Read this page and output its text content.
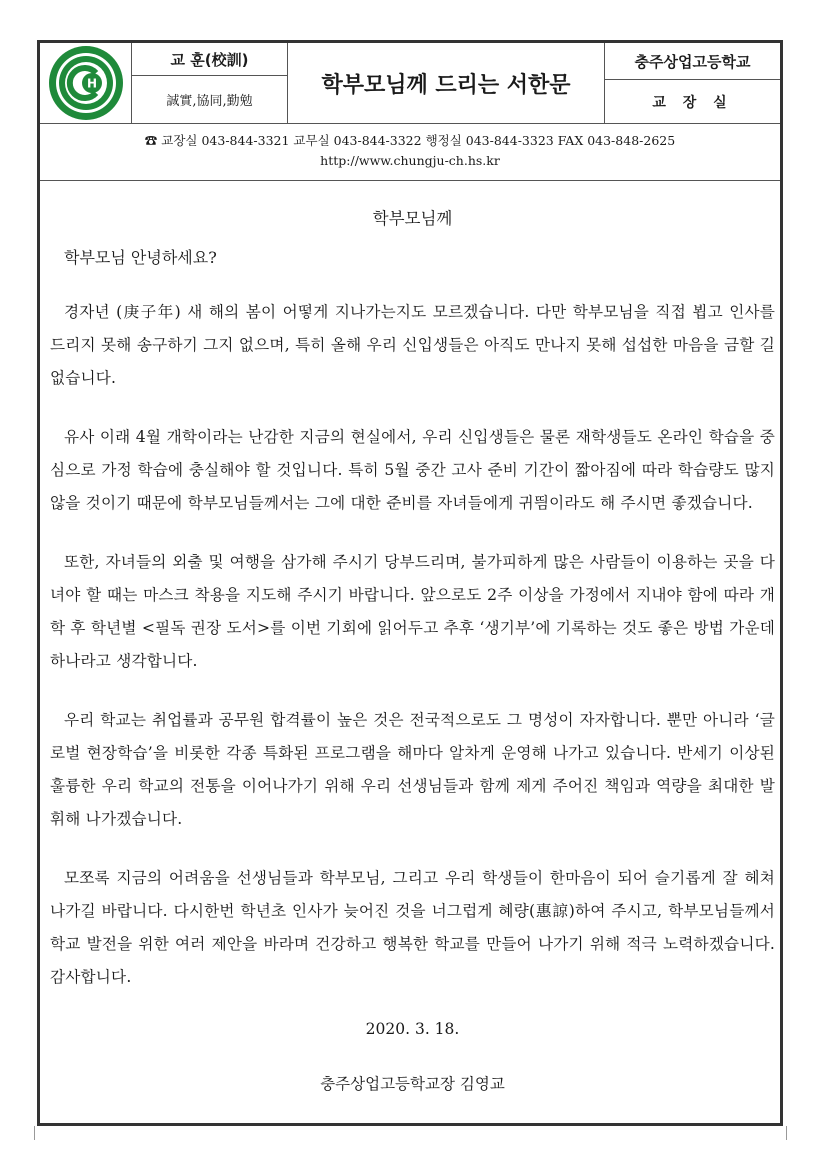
H
교 훈(校訓)
誠實,協同,勤勉
학부모님께 드리는 서한문
충주상업고등학교
교 장 실
☎ 교장실 043-844-3321 교무실 043-844-3322 행정실 043-844-3323 FAX 043-848-2625
http://www.chungju-ch.hs.kr
학부모님께
학부모님 안녕하세요?

경자년 (庚子年) 새 해의 봄이 어떻게 지나가는지도 모르겠습니다. 다만 학부모님을 직접 뵙고 인사를 드리지 못해 송구하기 그지 없으며, 특히 올해 우리 신입생들은 아직도 만나지 못해 섭섭한 마음을 금할 길 없습니다.

유사 이래 4월 개학이라는 난감한 지금의 현실에서, 우리 신입생들은 물론 재학생들도 온라인 학습을 중심으로 가정 학습에 충실해야 할 것입니다. 특히 5월 중간 고사 준비 기간이 짧아짐에 따라 학습량도 많지 않을 것이기 때문에 학부모님들께서는 그에 대한 준비를 자녀들에게 귀띔이라도 해 주시면 좋겠습니다.

또한, 자녀들의 외출 및 여행을 삼가해 주시기 당부드리며, 불가피하게 많은 사람들이 이용하는 곳을 다녀야 할 때는 마스크 착용을 지도해 주시기 바랍니다. 앞으로도 2주 이상을 가정에서 지내야 함에 따라 개학 후 학년별 <필독 권장 도서>를 이번 기회에 읽어두고 추후 ‘생기부’에 기록하는 것도 좋은 방법 가운데 하나라고 생각합니다.

우리 학교는 취업률과 공무원 합격률이 높은 것은 전국적으로도 그 명성이 자자합니다. 뿐만 아니라 ‘글로벌 현장학습’을 비롯한 각종 특화된 프로그램을 해마다 알차게 운영해 나가고 있습니다. 반세기 이상된 훌륭한 우리 학교의 전통을 이어나가기 위해 우리 선생님들과 함께 제게 주어진 책임과 역량을 최대한 발휘해 나가겠습니다.

모쪼록 지금의 어려움을 선생님들과 학부모님, 그리고 우리 학생들이 한마음이 되어 슬기롭게 잘 헤쳐 나가길 바랍니다. 다시한번 학년초 인사가 늦어진 것을 너그럽게 혜량(惠諒)하여 주시고, 학부모님들께서 학교 발전을 위한 여러 제안을 바라며 건강하고 행복한 학교를 만들어 나가기 위해 적극 노력하겠습니다. 감사합니다.

2020. 3. 18.
충주상업고등학교장 김영교
